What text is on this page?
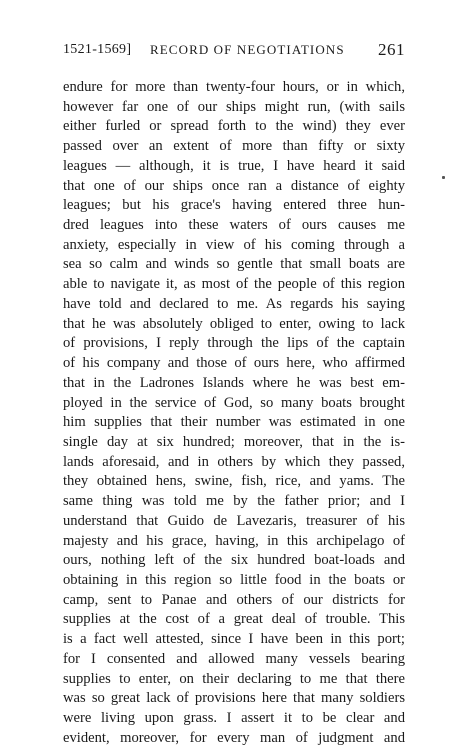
1521-1569] RECORD OF NEGOTIATIONS 261
endure for more than twenty-four hours, or in which,
however far one of our ships might run, (with sails
either furled or spread forth to the wind) they ever
passed over an extent of more than fifty or sixty
leagues — although, it is true, I have heard it said
that one of our ships once ran a distance of eighty
leagues; but his grace's having entered three hun-
dred leagues into these waters of ours causes me
anxiety, especially in view of his coming through a
sea so calm and winds so gentle that small boats are
able to navigate it, as most of the people of this region
have told and declared to me. As regards his saying
that he was absolutely obliged to enter, owing to lack
of provisions, I reply through the lips of the captain
of his company and those of ours here, who affirmed
that in the Ladrones Islands where he was best em-
ployed in the service of God, so many boats brought
him supplies that their number was estimated in one
single day at six hundred; moreover, that in the is-
lands aforesaid, and in others by which they passed,
they obtained hens, swine, fish, rice, and yams. The
same thing was told me by the father prior; and I
understand that Guido de Lavezaris, treasurer of his
majesty and his grace, having, in this archipelago of
ours, nothing left of the six hundred boat-loads and
obtaining in this region so little food in the boats or
camp, sent to Panae and others of our districts for
supplies at the cost of a great deal of trouble. This
is a fact well attested, since I have been in this port;
for I consented and allowed many vessels bearing
supplies to enter, on their declaring to me that there
was so great lack of provisions here that many soldiers
were living upon grass. I assert it to be clear and
evident, moreover, for every man of judgment and
